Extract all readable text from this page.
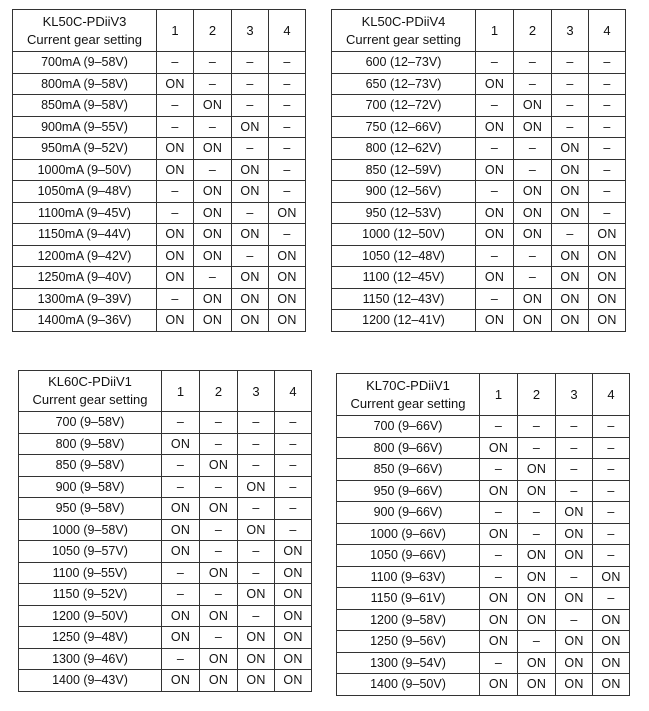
KL50C-PDiiV3
Current gear setting	1	2	3	4
700mA (9–58V)	–	–	–	–
800mA (9–58V)	ON	–	–	–
850mA (9–58V)	–	ON	–	–
900mA (9–55V)	–	–	ON	–
950mA (9–52V)	ON	ON	–	–
1000mA (9–50V)	ON	–	ON	–
1050mA (9–48V)	–	ON	ON	–
1100mA (9–45V)	–	ON	–	ON
1150mA (9–44V)	ON	ON	ON	–
1200mA (9–42V)	ON	ON	–	ON
1250mA (9–40V)	ON	–	ON	ON
1300mA (9–39V)	–	ON	ON	ON
1400mA (9–36V)	ON	ON	ON	ON
KL50C-PDiiV4
Current gear setting	1	2	3	4
600 (12–73V)	–	–	–	–
650 (12–73V)	ON	–	–	–
700 (12–72V)	–	ON	–	–
750 (12–66V)	ON	ON	–	–
800 (12–62V)	–	–	ON	–
850 (12–59V)	ON	–	ON	–
900 (12–56V)	–	ON	ON	–
950 (12–53V)	ON	ON	ON	–
1000 (12–50V)	ON	ON	–	ON
1050 (12–48V)	–	–	ON	ON
1100 (12–45V)	ON	–	ON	ON
1150 (12–43V)	–	ON	ON	ON
1200 (12–41V)	ON	ON	ON	ON
KL60C-PDiiV1
Current gear setting	1	2	3	4
700 (9–58V)	–	–	–	–
800 (9–58V)	ON	–	–	–
850 (9–58V)	–	ON	–	–
900 (9–58V)	–	–	ON	–
950 (9–58V)	ON	ON	–	–
1000 (9–58V)	ON	–	ON	–
1050 (9–57V)	ON	–	–	ON
1100 (9–55V)	–	ON	–	ON
1150 (9–52V)	–	–	ON	ON
1200 (9–50V)	ON	ON	–	ON
1250 (9–48V)	ON	–	ON	ON
1300 (9–46V)	–	ON	ON	ON
1400 (9–43V)	ON	ON	ON	ON
KL70C-PDiiV1
Current gear setting	1	2	3	4
700 (9–66V)	–	–	–	–
800 (9–66V)	ON	–	–	–
850 (9–66V)	–	ON	–	–
950 (9–66V)	ON	ON	–	–
900 (9–66V)	–	–	ON	–
1000 (9–66V)	ON	–	ON	–
1050 (9–66V)	–	ON	ON	–
1100 (9–63V)	–	ON	–	ON
1150 (9–61V)	ON	ON	ON	–
1200 (9–58V)	ON	ON	–	ON
1250 (9–56V)	ON	–	ON	ON
1300 (9–54V)	–	ON	ON	ON
1400 (9–50V)	ON	ON	ON	ON
